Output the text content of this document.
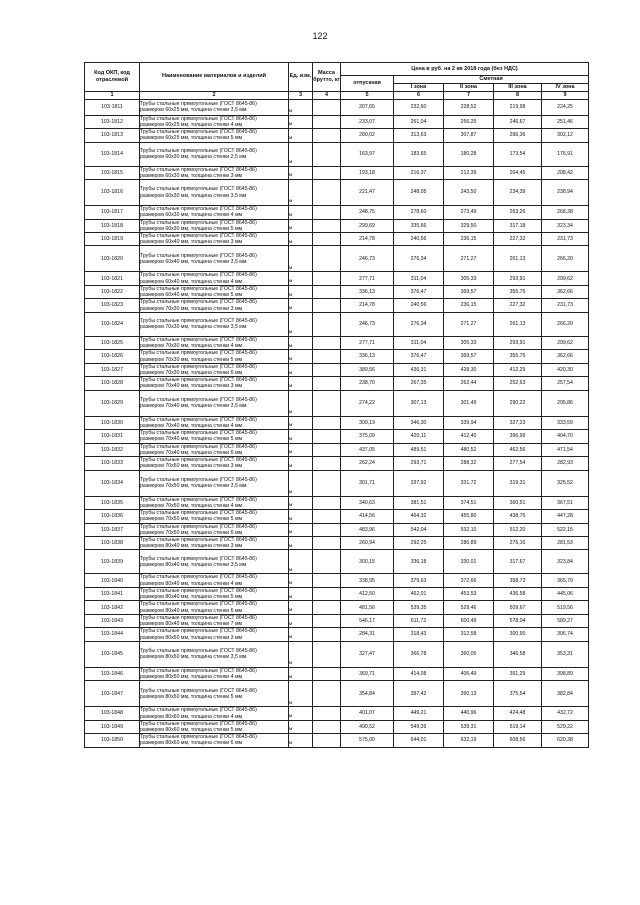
122
Код ОКП, код отраслевой	Наименование материалов и изделий	Ед. изм.	Масса брутто, кг	Цена в руб. на 2 кв 2018 года (без НДС)				
				отпускная	Сметная			
					I зона	II зона	III зона	IV зона
1	2	3	4	5	6	7	8	9
103-1811	Трубы стальные прямоугольные (ГОСТ 8645-86)
размером 60x25 мм, толщина стенки 3,5 мм	м		207,65	232,60	228,52	219,98	224,25
103-1812	Трубы стальные прямоугольные (ГОСТ 8645-86)
размером 60x25 мм, толщина стенки 4 мм	м		233,07	261,04	256,25	246,67	251,46
103-1813	Трубы стальные прямоугольные (ГОСТ 8645-86)
размером 60x25 мм, толщина стенки 5 мм	м		280,02	313,63	307,87	296,36	302,12
103-1814	Трубы стальные прямоугольные (ГОСТ 8645-86)
размером 60x30 мм, толщина стенки 2,5 мм	м		163,97	183,65	180,28	173,54	176,91
103-1815	Трубы стальные прямоугольные (ГОСТ 8645-86)
размером 60x30 мм, толщина стенки 3 мм	м		193,18	216,37	212,39	204,45	208,42
103-1816	Трубы стальные прямоугольные (ГОСТ 8645-86)
размером 60x30 мм, толщина стенки 3,5 мм	м		221,47	248,05	243,50	234,39	238,94
103-1817	Трубы стальные прямоугольные (ГОСТ 8645-86)
размером 60x30 мм, толщина стенки 4 мм	м		248,75	278,60	273,49	263,26	268,38
103-1818	Трубы стальные прямоугольные (ГОСТ 8645-86)
размером 60x30 мм, толщина стенки 5 мм	м		299,69	335,66	329,50	317,18	323,34
103-1819	Трубы стальные прямоугольные (ГОСТ 8645-86)
размером 60x40 мм, толщина стенки 3 мм	м		214,78	240,56	236,15	227,32	231,73
103-1820	Трубы стальные прямоугольные (ГОСТ 8645-86)
размером 60x40 мм, толщина стенки 3,5 мм	м		246,73	276,34	271,27	261,13	266,20
103-1821	Трубы стальные прямоугольные (ГОСТ 8645-86)
размером 60x40 мм, толщина стенки 4 мм	м		277,71	311,04	305,33	293,91	299,62
103-1822	Трубы стальные прямоугольные (ГОСТ 8645-86)
размером 60x40 мм, толщина стенки 5 мм	м		336,13	376,47	369,57	355,75	362,66
103-1823	Трубы стальные прямоугольные (ГОСТ 8645-86)
размером 70x30 мм, толщина стенки 3 мм	м		214,78	240,56	236,15	227,32	231,73
103-1824	Трубы стальные прямоугольные (ГОСТ 8645-86)
размером 70x30 мм, толщина стенки 3,5 мм	м		246,73	276,34	271,27	261,13	266,20
103-1825	Трубы стальные прямоугольные (ГОСТ 8645-86)
размером 70x30 мм, толщина стенки 4 мм	м		277,71	311,04	305,33	293,91	299,62
103-1826	Трубы стальные прямоугольные (ГОСТ 8645-86)
размером 70x30 мм, толщина стенки 5 мм	м		336,13	376,47	369,57	355,75	362,66
103-1827	Трубы стальные прямоугольные (ГОСТ 8645-86)
размером 70x30 мм, толщина стенки 6 мм	м		389,56	436,31	428,30	412,29	420,30
103-1828	Трубы стальные прямоугольные (ГОСТ 8645-86)
размером 70x40 мм, толщина стенки 3 мм	м		238,70	267,35	262,44	252,63	257,54
103-1829	Трубы стальные прямоугольные (ГОСТ 8645-86)
размером 70x40 мм, толщина стенки 3,5 мм	м		274,22	307,13	301,49	290,22	295,86
103-1830	Трубы стальные прямоугольные (ГОСТ 8645-86)
размером 70x40 мм, толщина стенки 4 мм	м		309,19	346,30	339,94	327,23	333,59
103-1831	Трубы стальные прямоугольные (ГОСТ 8645-86)
размером 70x40 мм, толщина стенки 5 мм	м		375,09	420,11	412,40	396,99	404,70
103-1832	Трубы стальные прямоугольные (ГОСТ 8645-86)
размером 70x40 мм, толщина стенки 6 мм	м		437,05	489,51	480,52	462,56	471,54
103-1833	Трубы стальные прямоугольные (ГОСТ 8645-86)
размером 70x50 мм, толщина стенки 3 мм	м		262,24	293,71	288,32	277,54	282,93
103-1834	Трубы стальные прямоугольные (ГОСТ 8645-86)
размером 70x50 мм, толщина стенки 3,5 мм	м		301,71	337,92	331,72	319,31	325,52
103-1835	Трубы стальные прямоугольные (ГОСТ 8645-86)
размером 70x50 мм, толщина стенки 4 мм	м		340,63	381,51	374,51	360,51	367,51
103-1836	Трубы стальные прямоугольные (ГОСТ 8645-86)
размером 70x50 мм, толщина стенки 5 мм	м		414,56	464,32	455,80	438,76	447,28
103-1837	Трубы стальные прямоугольные (ГОСТ 8645-86)
размером 70x50 мм, толщина стенки 6 мм	м		483,96	542,04	532,10	512,20	522,15
103-1838	Трубы стальные прямоугольные (ГОСТ 8645-86)
размером 80x40 мм, толщина стенки 3 мм	м		260,94	292,25	286,89	276,16	281,53
103-1839	Трубы стальные прямоугольные (ГОСТ 8645-86)
размером 80x40 мм, толщина стенки 3,5 мм	м		300,15	336,18	330,01	317,67	323,84
103-1840	Трубы стальные прямоугольные (ГОСТ 8645-86)
размером 80x40 мм, толщина стенки 4 мм	м		338,95	379,63	372,66	358,73	365,70
103-1841	Трубы стальные прямоугольные (ГОСТ 8645-86)
размером 80x40 мм, толщина стенки 5 мм	м		412,50	462,01	453,53	436,58	445,06
103-1842	Трубы стальные прямоугольные (ГОСТ 8645-86)
размером 80x40 мм, толщина стенки 6 мм	м		481,56	539,35	529,46	509,67	519,56
103-1843	Трубы стальные прямоугольные (ГОСТ 8645-86)
размером 80x40 мм, толщина стенки 7 мм	м		546,17	611,72	600,49	578,04	589,27
103-1844	Трубы стальные прямоугольные (ГОСТ 8645-86)
размером 80x50 мм, толщина стенки 3 мм	м		284,31	318,43	312,58	300,90	306,74
103-1845	Трубы стальные прямоугольные (ГОСТ 8645-86)
размером 80x50 мм, толщина стенки 3,5 мм	м		327,47	366,78	360,05	346,58	353,31
103-1846	Трубы стальные прямоугольные (ГОСТ 8645-86)
размером 80x50 мм, толщина стенки 4 мм	м		369,71	414,08	406,49	391,29	398,89
103-1847	Трубы стальные прямоугольные (ГОСТ 8645-86)
размером 80x50 мм, толщина стенки 5 мм	м		354,84	397,42	390,13	375,54	382,84
103-1848	Трубы стальные прямоугольные (ГОСТ 8645-86)
размером 80x60 мм, толщина стенки 4 мм	м		401,07	449,21	440,96	424,48	432,72
103-1849	Трубы стальные прямоугольные (ГОСТ 8645-86)
размером 80x60 мм, толщина стенки 5 мм	м		490,52	549,39	539,31	519,14	529,22
103-1850	Трубы стальные прямоугольные (ГОСТ 8645-86)
размером 80x60 мм, толщина стенки 6 мм	м		575,00	644,01	632,19	608,56	620,38
